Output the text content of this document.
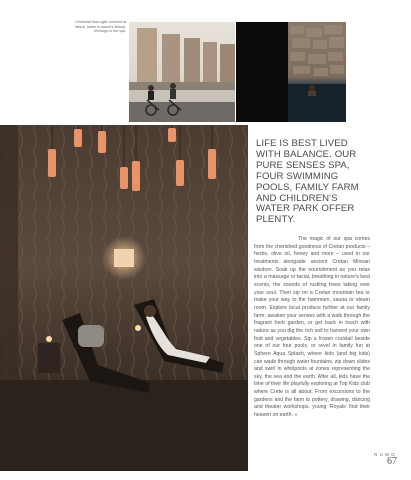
Clockwise from right: workout at Nesco, bathe in nature's beauty, recharge in our spa.
LIFE IS BEST LIVED WITH BALANCE. OUR PURE SENSES SPA, FOUR SWIMMING POOLS, FAMILY FARM AND CHILDREN'S WATER PARK OFFER PLENTY.

The magic of our spa comes from the cherished goodness of Cretan products – herbs, olive oil, honey and more – used in our treatments alongside ancient Cretan Minoan wisdom. Soak up the nourishment as you relax into a massage or facial, breathing in nature's best scents, the sounds of rustling trees taking over your soul. Then sip on a Cretan mountain tea or make your way to the hammam, sauna or steam room. Explore local produce further at our family farm; awaken your senses with a walk through the fragrant herb garden, or get back in touch with nature as you dig the rich soil to harvest your own fruit and vegetables. Sip a frozen cocktail beside one of our four pools, or revel in family fun at Sphere Aqua Splash, where kids (and big kids) can wade through water fountains, zip down slides and swirl in whirlpools at zones representing the sky, the sea and the earth. After all, kids have the time of their life playfully exploring at Top Kids club where Crete is all about. From excursions to the gardens and the farm to pottery, drawing, dancing and theater workshops, young 'Royals' find their heaven on earth. »

NUMO
67
